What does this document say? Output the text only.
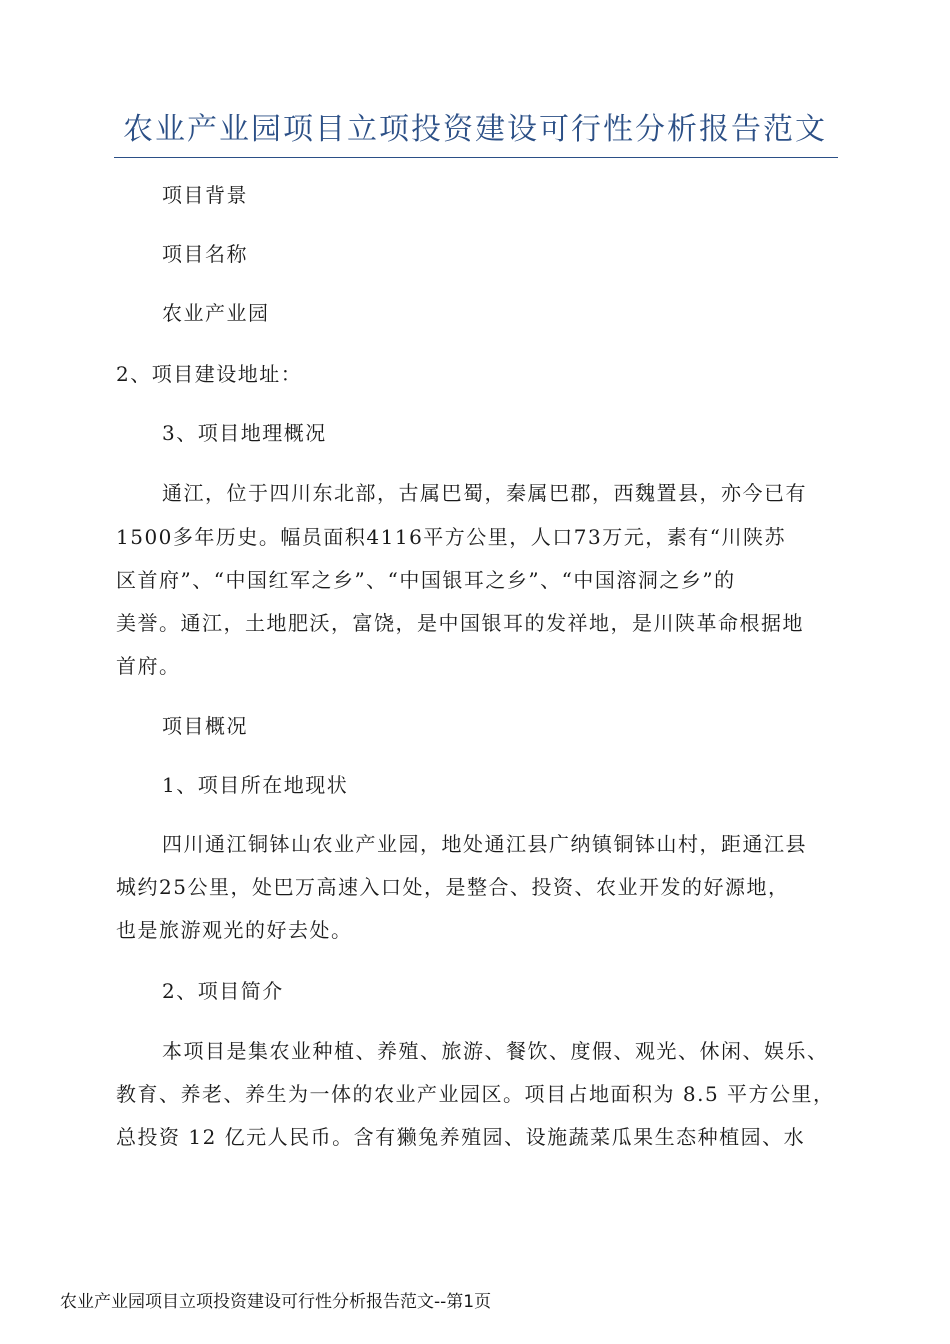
农业产业园项目立项投资建设可行性分析报告范文
项目背景
项目名称
农业产业园
2、项目建设地址：
3、项目地理概况
通江，位于四川东北部，古属巴蜀，秦属巴郡，西魏置县，亦今已有
1500多年历史。幅员面积4116平方公里，人口73万元，素有“川陕苏
区首府”、“中国红军之乡”、“中国银耳之乡”、“中国溶洞之乡”的
美誉。通江，土地肥沃，富饶，是中国银耳的发祥地，是川陕革命根据地
首府。
项目概况
1、项目所在地现状
四川通江铜钵山农业产业园，地处通江县广纳镇铜钵山村，距通江县
城约25公里，处巴万高速入口处，是整合、投资、农业开发的好源地，
也是旅游观光的好去处。
2、项目简介
本项目是集农业种植、养殖、旅游、餐饮、度假、观光、休闲、娱乐、
教育、养老、养生为一体的农业产业园区。项目占地面积为 8.5 平方公里，
总投资 12 亿元人民币。含有獭兔养殖园、设施蔬菜瓜果生态种植园、水
农业产业园项目立项投资建设可行性分析报告范文--第1页
